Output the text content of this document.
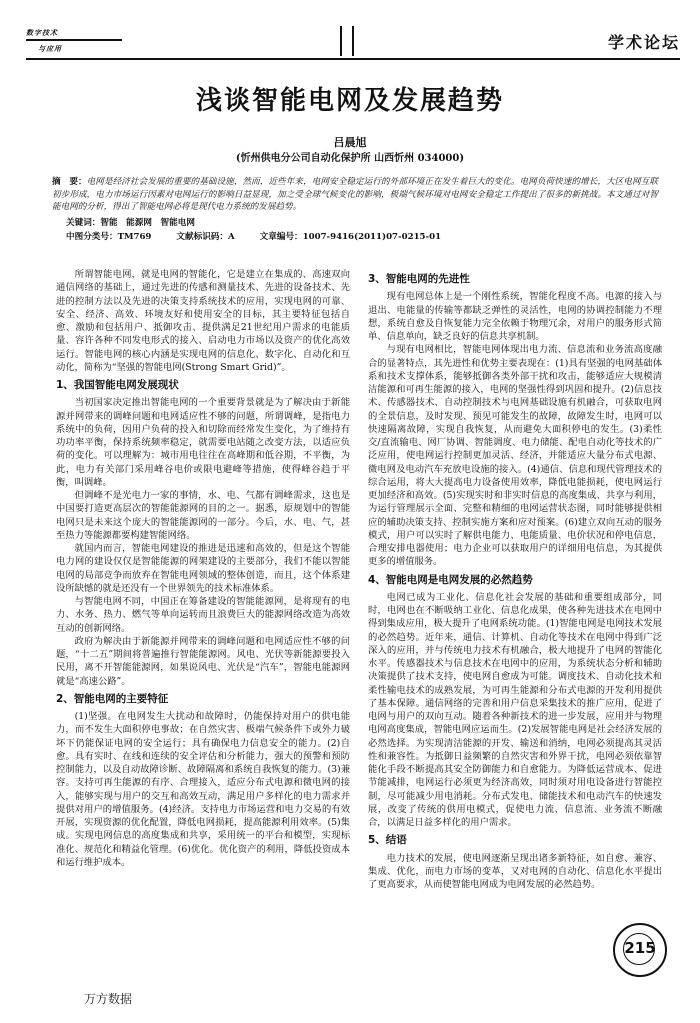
数字技术
与应用	学术论坛
浅谈智能电网及发展趋势
吕晨旭
(忻州供电分公司自动化保护所 山西忻州 034000)
摘　要：电网是经济社会发展的重要的基础设施，然而，近些年来，电网安全稳定运行的外部环境正在发生着巨大的变化。电网负荷快速的增长，大区电网互联初步形成，电力市场运行因素对电网运行的影响日益显现，加之受全球气候变化的影响，极端气候环境对电网安全稳定工作提出了很多的新挑战。本文通过对智能电网的分析，得出了智能电网必将是现代电力系统的发展趋势。
关键词：智能　能源网　智能电网
中图分类号：TM769	文献标识码：A	文章编号：1007-9416(2011)07-0215-01

所谓智能电网，就是电网的智能化，它是建立在集成的、高速双向通信网络的基础上，通过先进的传感和测量技术、先进的设备技术、先进的控制方法以及先进的决策支持系统技术的应用，实现电网的可靠、安全、经济、高效、环境友好和使用安全的目标，其主要特征包括自愈、激励和包括用户、抵御攻击、提供满足21世纪用户需求的电能质量、容许各种不同发电形式的接入、启动电力市场以及资产的优化高效运行。智能电网的核心内涵是实现电网的信息化、数字化、自动化和互动化，简称为“坚强的智能电网(Strong Smart Grid)”。

1、我国智能电网发展现状

当初国家决定推出智能电网的一个重要背景就是为了解决由于新能源并网带来的调峰问题和电网适应性不够的问题，所谓调峰，是指电力系统中的负荷，因用户负荷的投入和切除而经常发生变化，为了维持有功功率平衡，保持系统频率稳定，就需要电站随之改变方法，以适应负荷的变化。可以理解为：城市用电往往在高峰期和低谷期，不平衡，为此，电力有关部门采用峰谷电价或限电避峰等措施，使得峰谷趋于平衡，叫调峰。

但调峰不是光电力一家的事情，水、电、气都有调峰需求，这也是中国要打造更高层次的智能能源网的目的之一。据悉，原规划中的智能电网只是未来这个庞大的智能能源网的一部分。今后，水、电、气，甚至热力等能源都要构建智能网络。

就国内而言，智能电网建设的推进是迅速和高效的，但是这个智能电力网的建设仅仅是智能能源的网架建设的主要部分，我们不能以智能电网的局部竞争而放弃在智能电网领域的整体创造，而且，这个体系建设所缺憾的就是还没有一个世界领先的技术标准体系。

与智能电网不同，中国正在筹备建设的智能能源网，是将现有的电力、水务、热力、燃气等单向运转而且浪费巨大的能源网络改造为高效互动的创新网络。

政府为解决由于新能源并网带来的调峰问题和电网适应性不够的问题，“十二五”期间将普遍推行智能能源网。风电、光伏等新能源要投入民用，离不开智能能源网，如果说风电、光伏是“汽车”，智能电能源网就是“高速公路”。

2、智能电网的主要特征

(1)坚强。在电网发生大扰动和故障时，仍能保持对用户的供电能力，而不发生大面积停电事故；在自然灾害、极端气候条件下或外力破坏下仍能保证电网的安全运行；具有确保电力信息安全的能力。(2)自愈。具有实时、在线和连续的安全评估和分析能力，强大的预警和预防控制能力，以及自动故障诊断、故障隔离和系统自我恢复的能力。(3)兼容。支持可再生能源的有序、合理接入，适应分布式电源和微电网的接入，能够实现与用户的交互和高效互动，满足用户多样化的电力需求并提供对用户的增值服务。(4)经济。支持电力市场运营和电力交易的有效开展，实现资源的优化配置，降低电网损耗，提高能源利用效率。(5)集成。实现电网信息的高度集成和共享，采用统一的平台和模型，实现标准化、规范化和精益化管理。(6)优化。优化资产的利用，降低投资成本和运行维护成本。

3、智能电网的先进性

现有电网总体上是一个刚性系统，智能化程度不高。电源的接入与退出、电能量的传输等都缺乏弹性的灵活性，电网的协调控制能力不理想，系统自愈及自恢复能力完全依赖于物理冗余，对用户的服务形式简单、信息单向，缺乏良好的信息共享机制。

与现有电网相比，智能电网体现出电力流、信息流和业务流高度融合的显著特点，其先进性和优势主要表现在：(1)具有坚强的电网基础体系和技术支撑体系，能够抵御各类外部干扰和攻击，能够适应大规模清洁能源和可再生能源的接入，电网的坚强性得到巩固和提升。(2)信息技术、传感器技术、自动控制技术与电网基础设施有机融合，可获取电网的全景信息，及时发现、预见可能发生的故障，故障发生时，电网可以快速隔离故障，实现自我恢复，从而避免大面积停电的发生。(3)柔性交/直流输电、网厂协调、智能调度、电力储能、配电自动化等技术的广泛应用，使电网运行控制更加灵活、经济，并能适应大量分布式电源、微电网及电动汽车充放电设施的接入。(4)通信、信息和现代管理技术的综合运用，将大大提高电力设备使用效率，降低电能损耗，使电网运行更加经济和高效。(5)实现实时和非实时信息的高度集成、共享与利用，为运行管理展示全面、完整和精细的电网运营状态图，同时能够提供相应的辅助决策支持、控制实施方案和应对预案。(6)建立双向互动的服务模式，用户可以实时了解供电能力、电能质量、电价状况和停电信息，合理安排电器使用；电力企业可以获取用户的详细用电信息，为其提供更多的增值服务。

4、智能电网是电网发展的必然趋势

电网已成为工业化、信息化社会发展的基础和重要组成部分，同时，电网也在不断吸纳工业化、信息化成果，使各种先进技术在电网中得到集成应用，极大提升了电网系统功能。(1)智能电网是电网技术发展的必然趋势。近年来，通信、计算机、自动化等技术在电网中得到广泛深入的应用，并与传统电力技术有机融合，极大地提升了电网的智能化水平。传感器技术与信息技术在电网中的应用，为系统状态分析和辅助决策提供了技术支持，使电网自愈成为可能。调度技术、自动化技术和柔性输电技术的成熟发展，为可再生能源和分布式电源的开发利用提供了基本保障。通信网络的完善和用户信息采集技术的推广应用，促进了电网与用户的双向互动。随着各种新技术的进一步发展，应用并与物理电网高度集成，智能电网应运而生。(2)发展智能电网是社会经济发展的必然选择。为实现清洁能源的开发、输送和消纳，电网必须提高其灵活性和兼容性。为抵御日益频繁的自然灾害和外界干扰，电网必须依靠智能化手段不断提高其安全防御能力和自愈能力。为降低运营成本、促进节能减排，电网运行必须更为经济高效，同时须对用电设备进行智能控制，尽可能减少用电消耗。分布式发电、储能技术和电动汽车的快速发展，改变了传统的供用电模式，促使电力流、信息流、业务流不断融合，以满足日益多样化的用户需求。

5、结语

电力技术的发展，使电网逐渐呈现出诸多新特征，如自愈、兼容、集成、优化，而电力市场的变革，又对电网的自动化、信息化水平提出了更高要求，从而使智能电网成为电网发展的必然趋势。

215
万方数据
